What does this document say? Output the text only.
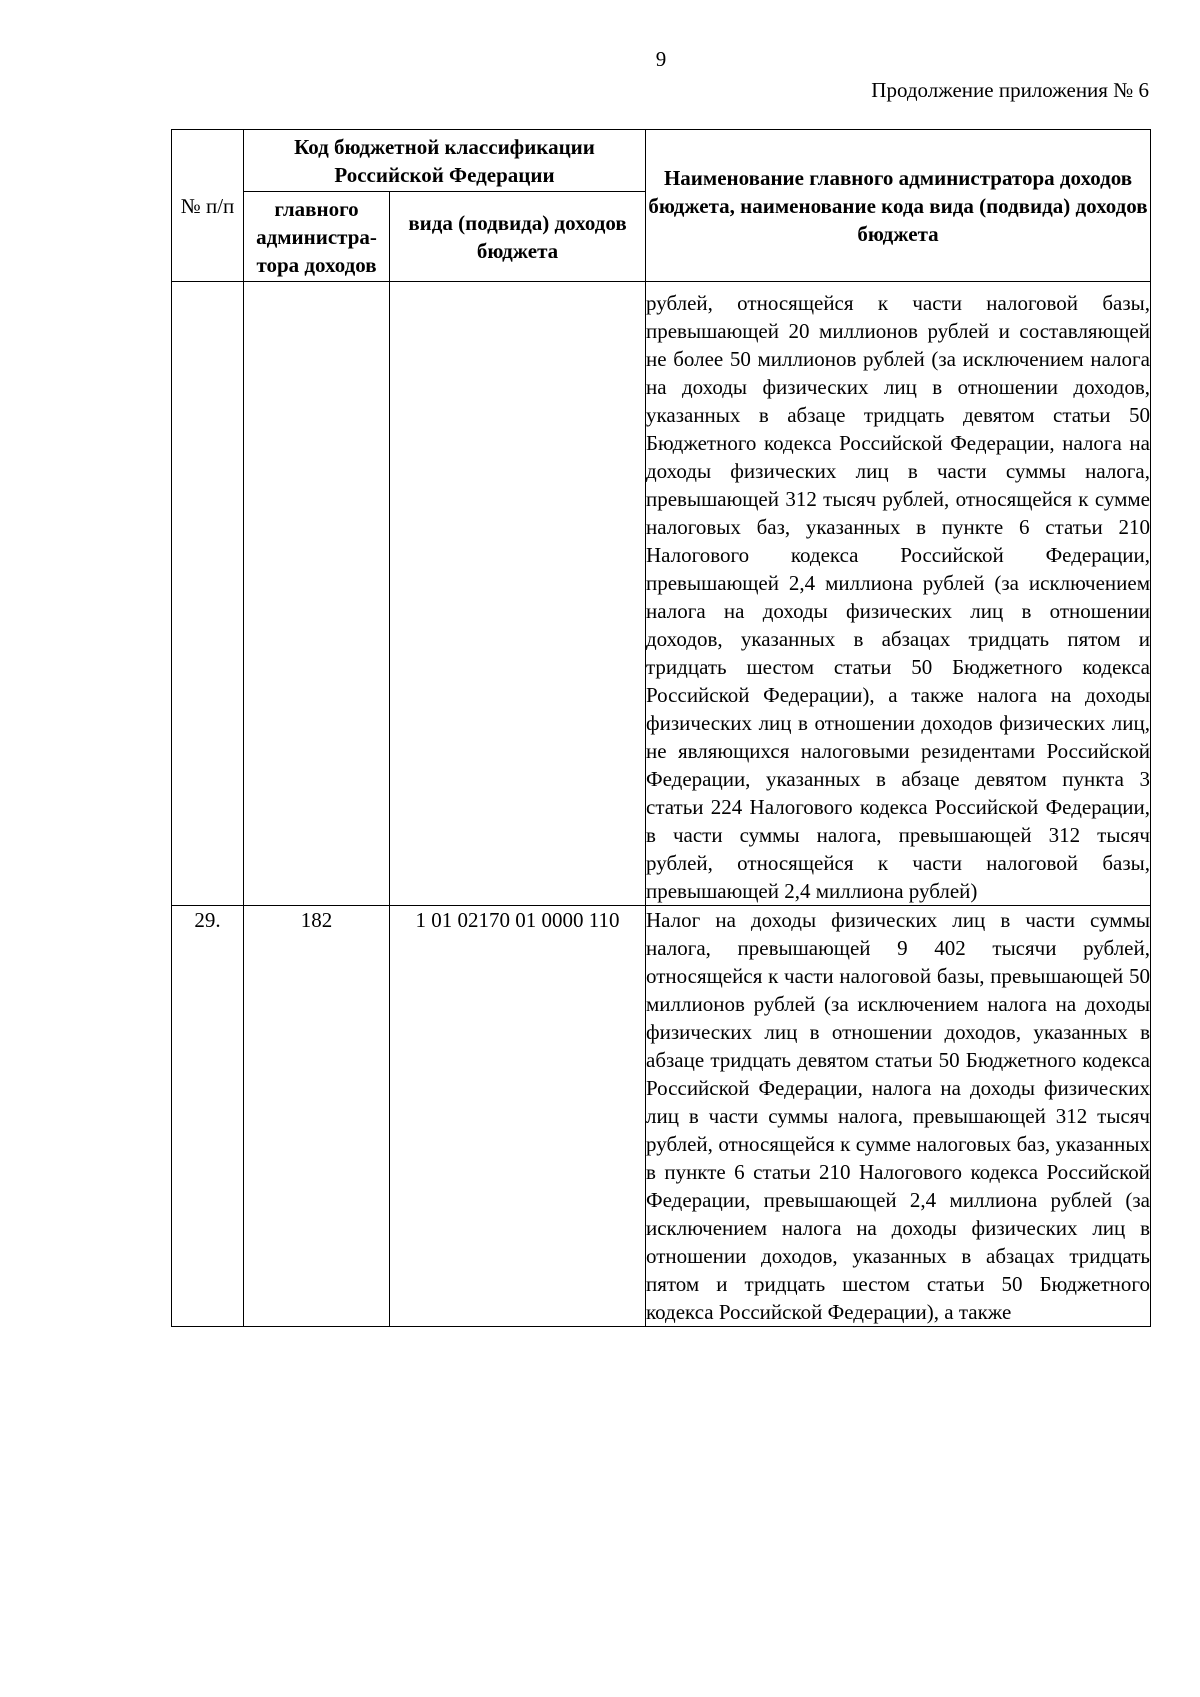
9
Продолжение приложения № 6
№ п/п	Код бюджетной классификации Российской Федерации		Наименование главного администратора доходов бюджета, наименование кода вида (подвида) доходов бюджета
	главного администра-тора доходов	вида (подвида) доходов бюджета	
			рублей, относящейся к части налоговой базы, превышающей 20 миллионов рублей и составляющей не более 50 миллионов рублей (за исключением налога на доходы физических лиц в отношении доходов, указанных в абзаце тридцать девятом статьи 50 Бюджетного кодекса Российской Федерации, налога на доходы физических лиц в части суммы налога, превышающей 312 тысяч рублей, относящейся к сумме налоговых баз, указанных в пункте 6 статьи 210 Налогового кодекса Российской Федерации, превышающей 2,4 миллиона рублей (за исключением налога на доходы физических лиц в отношении доходов, указанных в абзацах тридцать пятом и тридцать шестом статьи 50 Бюджетного кодекса Российской Федерации), а также налога на доходы физических лиц в отношении доходов физических лиц, не являющихся налоговыми резидентами Российской Федерации, указанных в абзаце девятом пункта 3 статьи 224 Налогового кодекса Российской Федерации, в части суммы налога, превышающей 312 тысяч рублей, относящейся к части налоговой базы, превышающей 2,4 миллиона рублей)
29.	182	1 01 02170 01 0000 110	Налог на доходы физических лиц в части суммы налога, превышающей 9 402 тысячи рублей, относящейся к части налоговой базы, превышающей 50 миллионов рублей (за исключением налога на доходы физических лиц в отношении доходов, указанных в абзаце тридцать девятом статьи 50 Бюджетного кодекса Российской Федерации, налога на доходы физических лиц в части суммы налога, превышающей 312 тысяч рублей, относящейся к сумме налоговых баз, указанных в пункте 6 статьи 210 Налогового кодекса Российской Федерации, превышающей 2,4 миллиона рублей (за исключением налога на доходы физических лиц в отношении доходов, указанных в абзацах тридцать пятом и тридцать шестом статьи 50 Бюджетного кодекса Российской Федерации), а также
